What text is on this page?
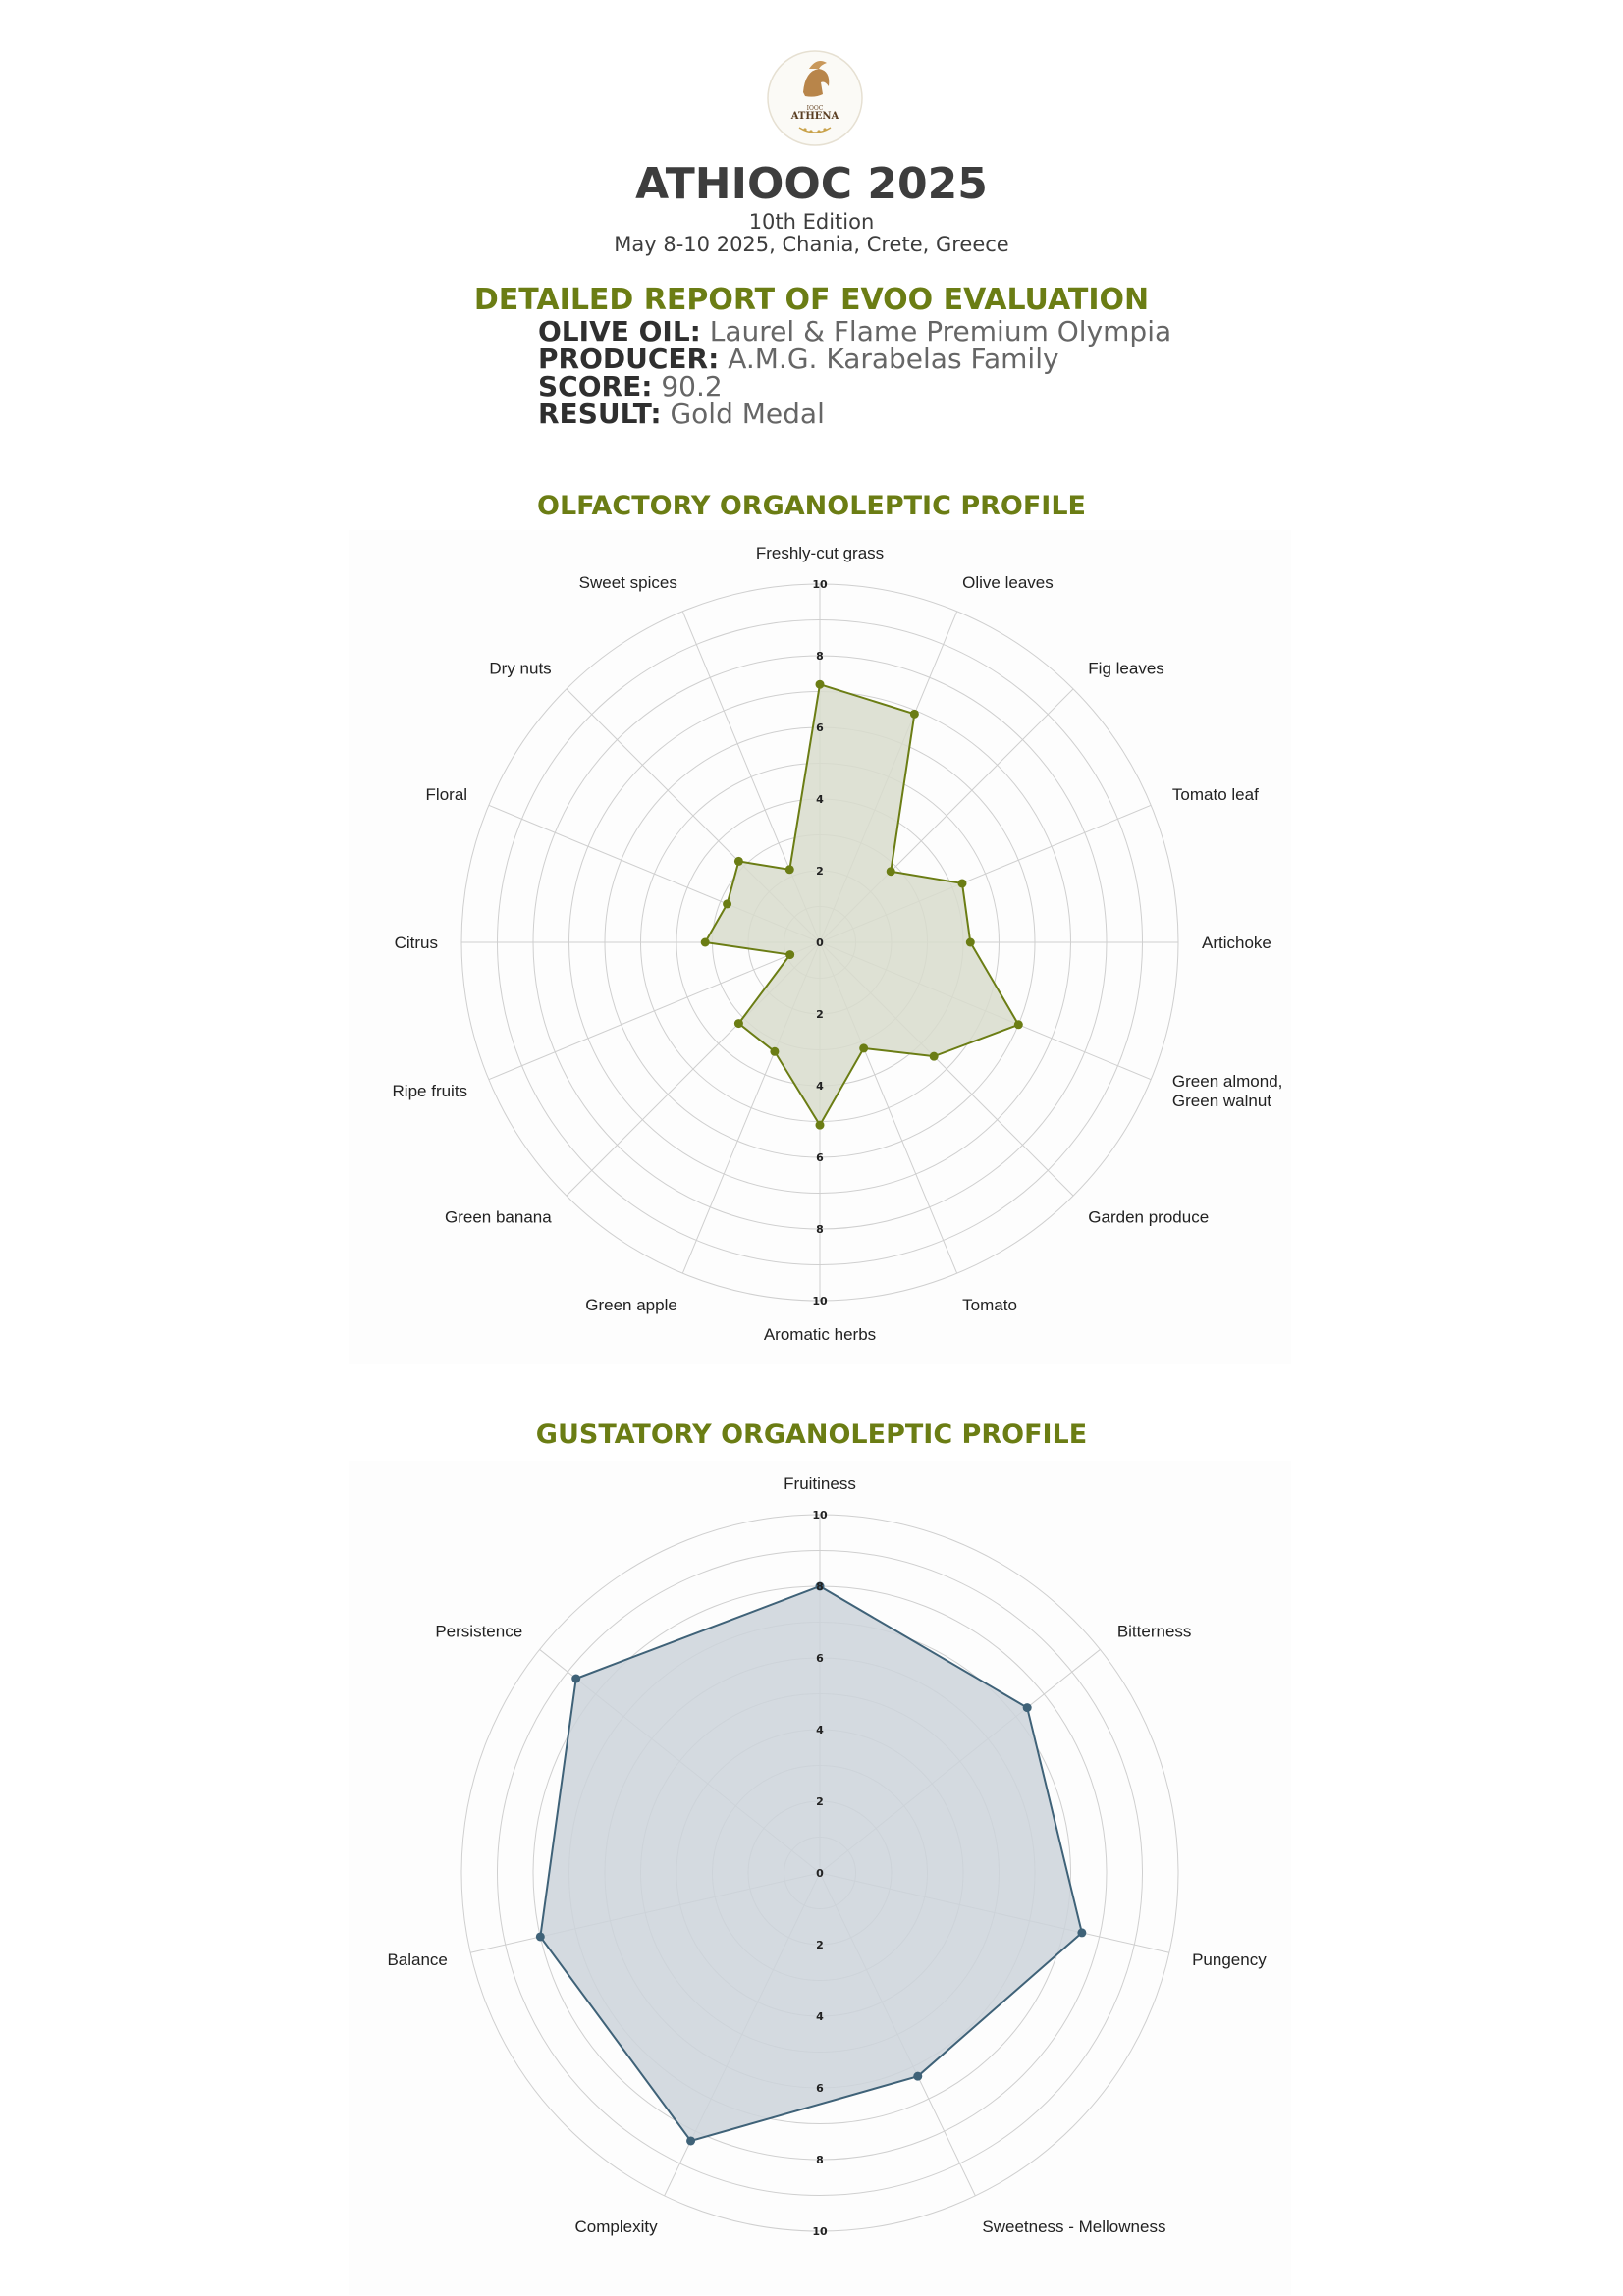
IOOC
ATHENA
ATHIOOC 2025
10th Edition
May 8-10 2025, Chania, Crete, Greece
DETAILED REPORT OF EVOO EVALUATION
OLIVE OIL: Laurel & Flame Premium Olympia
PRODUCER: A.M.G. Karabelas Family
SCORE: 90.2
RESULT: Gold Medal
OLFACTORY ORGANOLEPTIC PROFILE
0
2
2
4
4
6
6
8
8
10
10
Freshly-cut grass
Olive leaves
Fig leaves
Tomato leaf
Artichoke
Green almond, Green walnut
Garden produce
Tomato
Aromatic herbs
Green apple
Green banana
Ripe fruits
Citrus
Floral
Dry nuts
Sweet spices
GUSTATORY ORGANOLEPTIC PROFILE
0
2
2
4
4
6
6
8
8
10
10
Fruitiness
Bitterness
Pungency
Sweetness - Mellowness
Complexity
Balance
Persistence
